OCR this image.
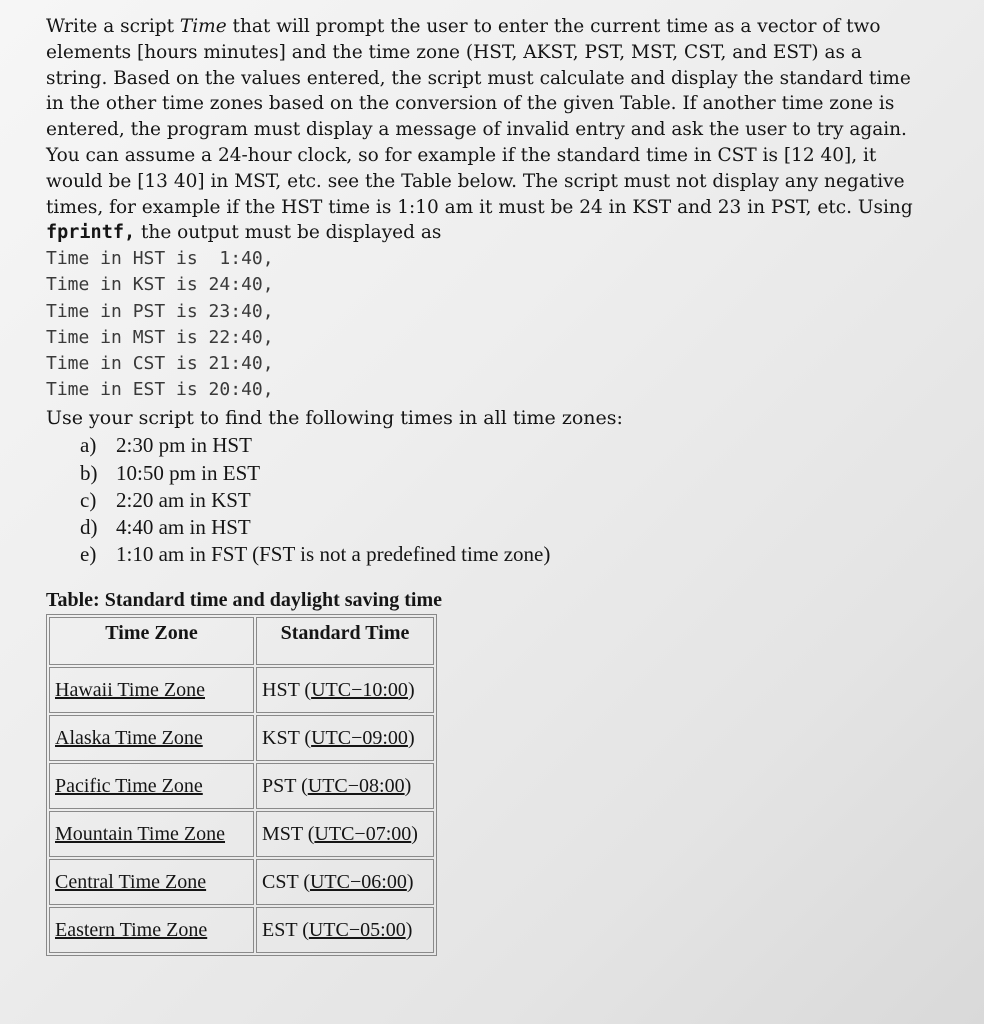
Write a script Time that will prompt the user to enter the current time as a vector of two
elements [hours minutes] and the time zone (HST, AKST, PST, MST, CST, and EST) as a
string. Based on the values entered, the script must calculate and display the standard time
in the other time zones based on the conversion of the given Table. If another time zone is
entered, the program must display a message of invalid entry and ask the user to try again.
You can assume a 24-hour clock, so for example if the standard time in CST is [12 40], it
would be [13 40] in MST, etc. see the Table below. The script must not display any negative
times, for example if the HST time is 1:10 am it must be 24 in KST and 23 in PST, etc. Using
fprintf, the output must be displayed as

Time in HST is  1:40,
Time in KST is 24:40,
Time in PST is 23:40,
Time in MST is 22:40,
Time in CST is 21:40,
Time in EST is 20:40,

Use your script to find the following times in all time zones:

a) 2:30 pm in HST
b) 10:50 pm in EST
c) 2:20 am in KST
d) 4:40 am in HST
e) 1:10 am in FST (FST is not a predefined time zone)

Table: Standard time and daylight saving time

Time Zone	Standard Time
Hawaii Time Zone	HST (UTC−10:00)
Alaska Time Zone	KST (UTC−09:00)
Pacific Time Zone	PST (UTC−08:00)
Mountain Time Zone	MST (UTC−07:00)
Central Time Zone	CST (UTC−06:00)
Eastern Time Zone	EST (UTC−05:00)
